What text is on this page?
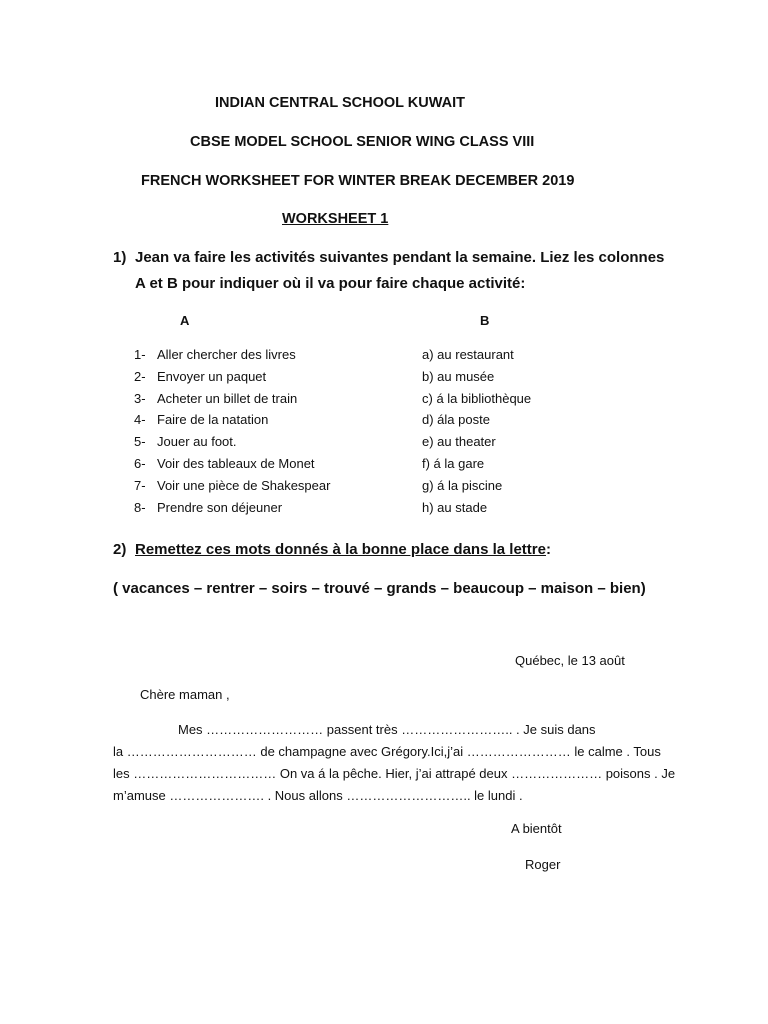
INDIAN CENTRAL SCHOOL KUWAIT
CBSE MODEL SCHOOL SENIOR WING CLASS VIII
FRENCH WORKSHEET FOR WINTER BREAK DECEMBER 2019
WORKSHEET 1
1) Jean va faire les activités suivantes pendant la semaine. Liez les colonnes
A et B pour indiquer où il va pour faire chaque activité:
A	B
1- Aller chercher des livres	a) au restaurant
2- Envoyer un paquet	b) au musée
3- Acheter un billet de train	c) á la bibliothèque
4- Faire de la natation	d) ála poste
5- Jouer au foot.	e) au theater
6- Voir des tableaux de Monet	f) á la gare
7- Voir une pièce de Shakespear	g) á la piscine
8- Prendre son déjeuner	h) au stade
2) Remettez ces mots donnés à la bonne place dans la lettre:
( vacances – rentrer – soirs – trouvé – grands – beaucoup – maison – bien)
Québec, le 13 août
Chère maman ,
Mes ……………………… passent très …………………….. . Je suis dans
la ………………………… de champagne avec Grégory.Ici,j’ai …………………… le calme . Tous
les …………………………… On va á la pêche. Hier, j’ai attrapé deux ………………… poisons . Je
m’amuse …………………. . Nous allons ……………………….. le lundi .
A bientôt
Roger
